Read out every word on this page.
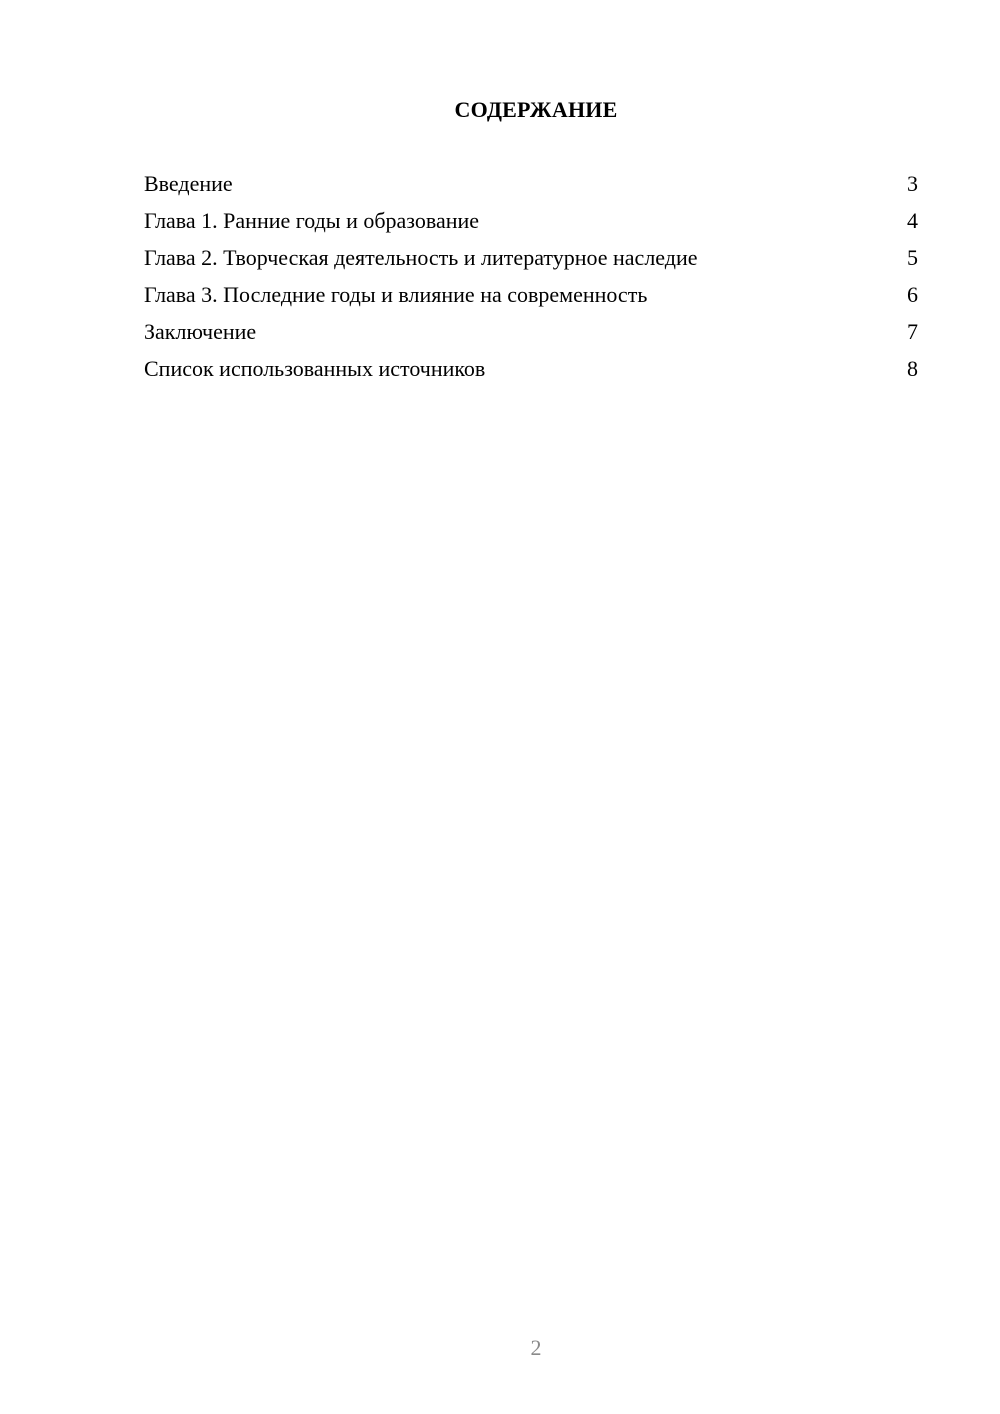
СОДЕРЖАНИЕ
Введение	3
Глава 1. Ранние годы и образование	4
Глава 2. Творческая деятельность и литературное наследие	5
Глава 3. Последние годы и влияние на современность	6
Заключение	7
Список использованных источников	8
2
